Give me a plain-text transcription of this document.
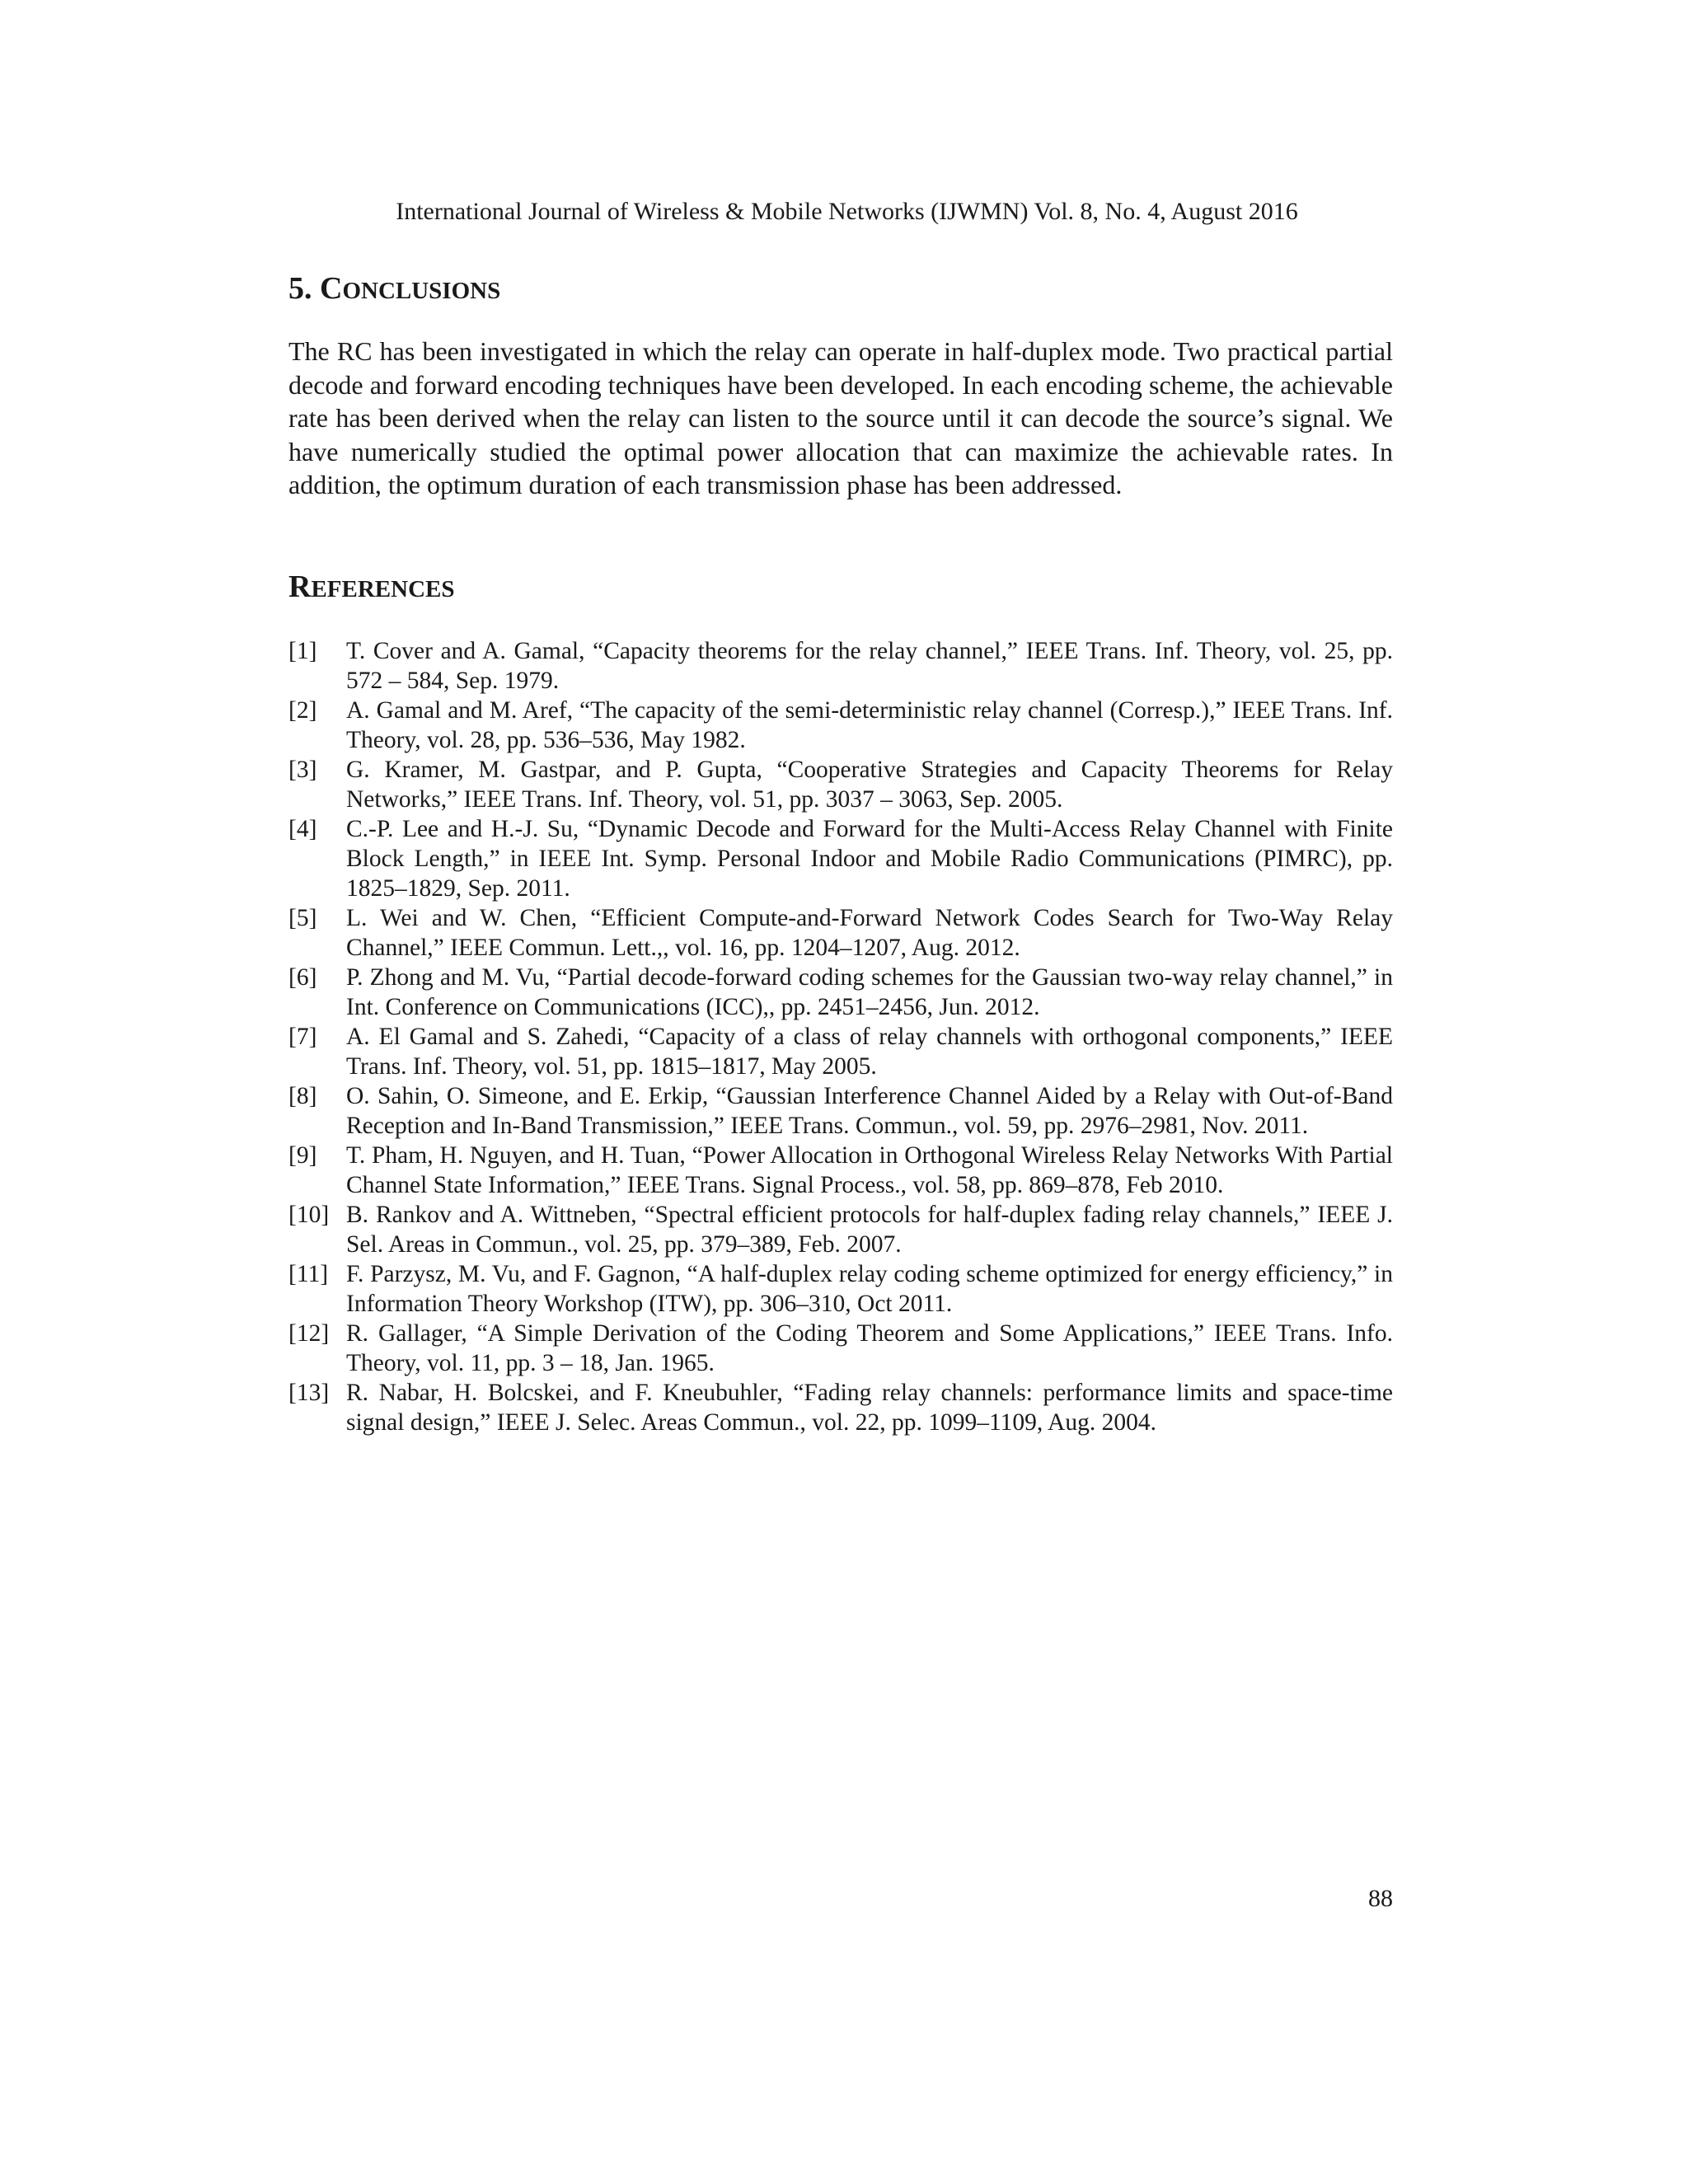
International Journal of Wireless & Mobile Networks (IJWMN) Vol. 8, No. 4, August 2016
5. CONCLUSIONS

The RC has been investigated in which the relay can operate in half-duplex mode. Two practical partial decode and forward encoding techniques have been developed. In each encoding scheme, the achievable rate has been derived when the relay can listen to the source until it can decode the source’s signal. We have numerically studied the optimal power allocation that can maximize the achievable rates. In addition, the optimum duration of each transmission phase has been addressed.

REFERENCES
[1]	T. Cover and A. Gamal, “Capacity theorems for the relay channel,” IEEE Trans. Inf. Theory, vol. 25, pp. 572 – 584, Sep. 1979.
[2]	A. Gamal and M. Aref, “The capacity of the semi-deterministic relay channel (Corresp.),” IEEE Trans. Inf. Theory, vol. 28, pp. 536–536, May 1982.
[3]	G. Kramer, M. Gastpar, and P. Gupta, “Cooperative Strategies and Capacity Theorems for Relay Networks,” IEEE Trans. Inf. Theory, vol. 51, pp. 3037 – 3063, Sep. 2005.
[4]	C.-P. Lee and H.-J. Su, “Dynamic Decode and Forward for the Multi-Access Relay Channel with Finite Block Length,” in IEEE Int. Symp. Personal Indoor and Mobile Radio Communications (PIMRC), pp. 1825–1829, Sep. 2011.
[5]	L. Wei and W. Chen, “Efficient Compute-and-Forward Network Codes Search for Two-Way Relay Channel,” IEEE Commun. Lett.,, vol. 16, pp. 1204–1207, Aug. 2012.
[6]	P. Zhong and M. Vu, “Partial decode-forward coding schemes for the Gaussian two-way relay channel,” in Int. Conference on Communications (ICC),, pp. 2451–2456, Jun. 2012.
[7]	A. El Gamal and S. Zahedi, “Capacity of a class of relay channels with orthogonal components,” IEEE Trans. Inf. Theory, vol. 51, pp. 1815–1817, May 2005.
[8]	O. Sahin, O. Simeone, and E. Erkip, “Gaussian Interference Channel Aided by a Relay with Out-of-Band Reception and In-Band Transmission,” IEEE Trans. Commun., vol. 59, pp. 2976–2981, Nov. 2011.
[9]	T. Pham, H. Nguyen, and H. Tuan, “Power Allocation in Orthogonal Wireless Relay Networks With Partial Channel State Information,” IEEE Trans. Signal Process., vol. 58, pp. 869–878, Feb 2010.
[10] B. Rankov and A. Wittneben, “Spectral efficient protocols for half-duplex fading relay channels,” IEEE J. Sel. Areas in Commun., vol. 25, pp. 379–389, Feb. 2007.
[11] F. Parzysz, M. Vu, and F. Gagnon, “A half-duplex relay coding scheme optimized for energy efficiency,” in Information Theory Workshop (ITW), pp. 306–310, Oct 2011.
[12] R. Gallager, “A Simple Derivation of the Coding Theorem and Some Applications,” IEEE Trans. Info. Theory, vol. 11, pp. 3 – 18, Jan. 1965.
[13] R. Nabar, H. Bolcskei, and F. Kneubuhler, “Fading relay channels: performance limits and space-time signal design,” IEEE J. Selec. Areas Commun., vol. 22, pp. 1099–1109, Aug. 2004.
88
